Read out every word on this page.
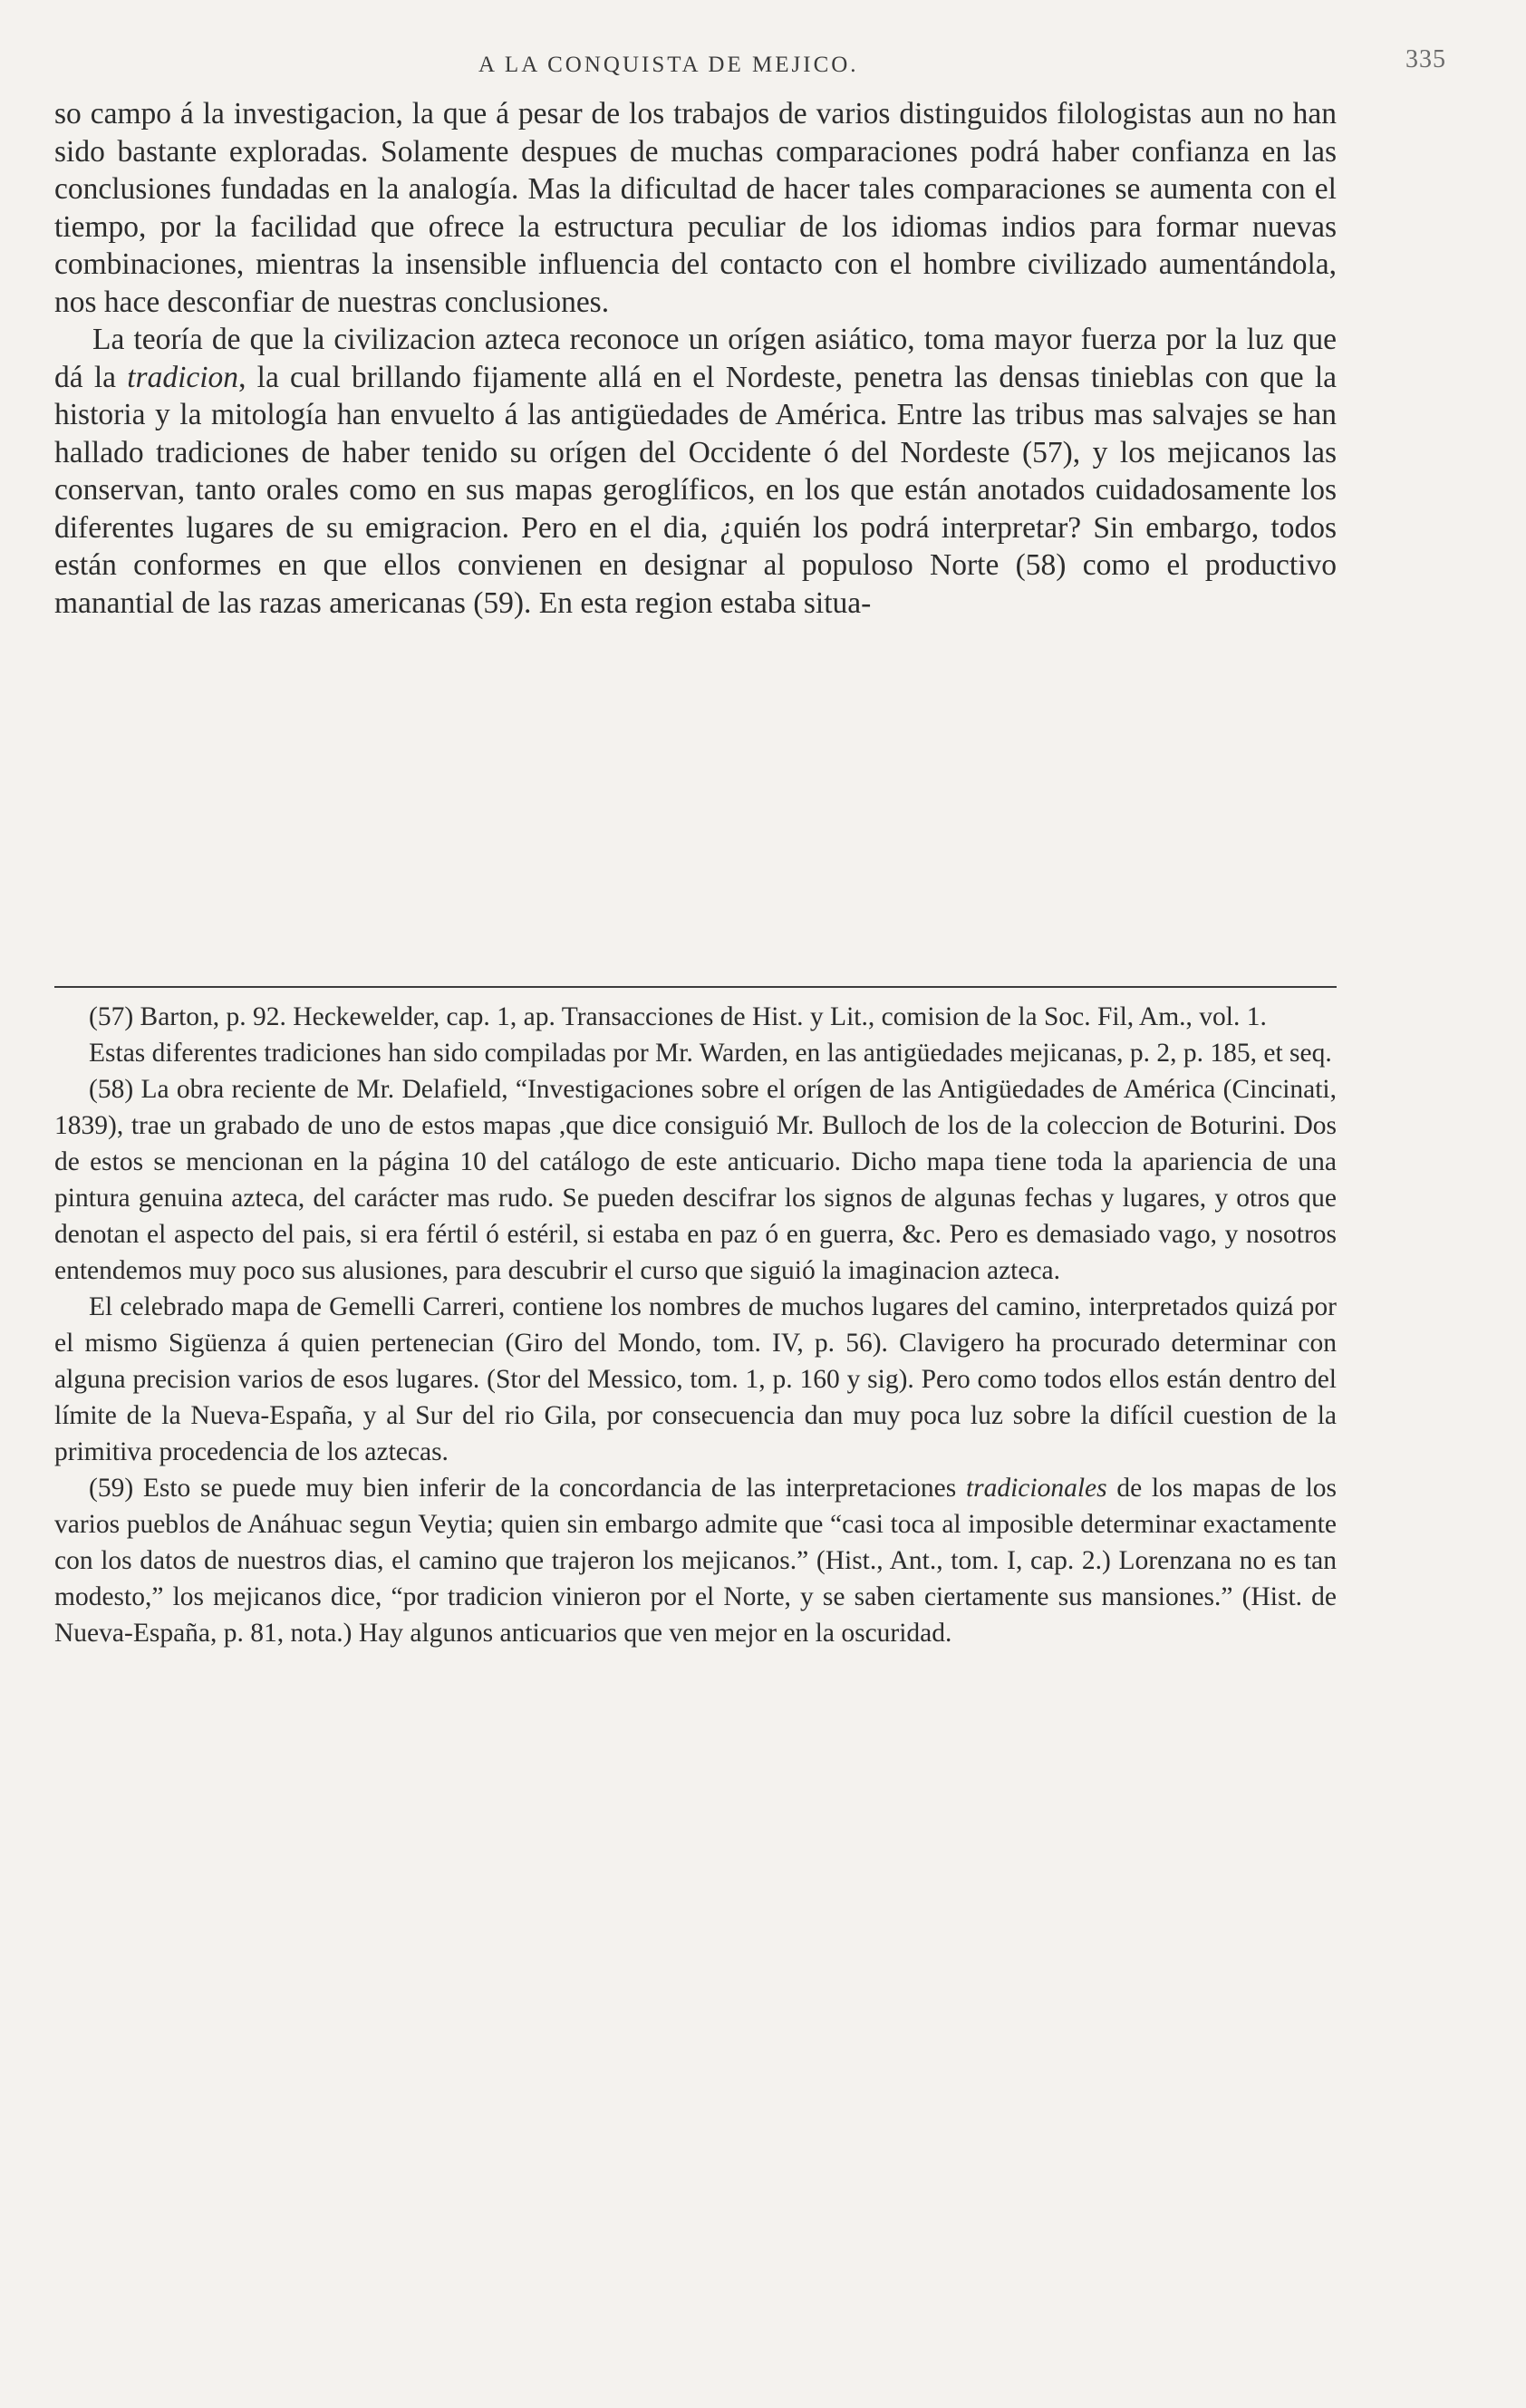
A LA CONQUISTA DE MEJICO.	335

so campo á la investigacion, la que á pesar de los trabajos de varios distinguidos filologistas aun no han sido bastante exploradas. Solamente despues de muchas comparaciones podrá haber confianza en las conclusiones fundadas en la analogía. Mas la dificultad de hacer tales comparaciones se aumenta con el tiempo, por la facilidad que ofrece la estructura peculiar de los idiomas indios para formar nuevas combinaciones, mientras la insensible influencia del contacto con el hombre civilizado aumentándola, nos hace desconfiar de nuestras conclusiones.

La teoría de que la civilizacion azteca reconoce un orígen asiático, toma mayor fuerza por la luz que dá la tradicion, la cual brillando fijamente allá en el Nordeste, penetra las densas tinieblas con que la historia y la mitología han envuelto á las antigüedades de América. Entre las tribus mas salvajes se han hallado tradiciones de haber tenido su orígen del Occidente ó del Nordeste (57), y los mejicanos las conservan, tanto orales como en sus mapas geroglíficos, en los que están anotados cuidadosamente los diferentes lugares de su emigracion. Pero en el dia, ¿quién los podrá interpretar? Sin embargo, todos están conformes en que ellos convienen en designar al populoso Norte (58) como el productivo manantial de las razas americanas (59). En esta region estaba situa-

(57) Barton, p. 92. Heckewelder, cap. 1, ap. Transacciones de Hist. y Lit., comision de la Soc. Fil, Am., vol. 1.

Estas diferentes tradiciones han sido compiladas por Mr. Warden, en las antigüedades mejicanas, p. 2, p. 185, et seq.

(58) La obra reciente de Mr. Delafield, “Investigaciones sobre el orígen de las Antigüedades de América (Cincinati, 1839), trae un grabado de uno de estos mapas ,que dice consiguió Mr. Bulloch de los de la coleccion de Boturini. Dos de estos se mencionan en la página 10 del catálogo de este anticuario. Dicho mapa tiene toda la apariencia de una pintura genuina azteca, del carácter mas rudo. Se pueden descifrar los signos de algunas fechas y lugares, y otros que denotan el aspecto del pais, si era fértil ó estéril, si estaba en paz ó en guerra, &c. Pero es demasiado vago, y nosotros entendemos muy poco sus alusiones, para descubrir el curso que siguió la imaginacion azteca.

El celebrado mapa de Gemelli Carreri, contiene los nombres de muchos lugares del camino, interpretados quizá por el mismo Sigüenza á quien pertenecian (Giro del Mondo, tom. IV, p. 56). Clavigero ha procurado determinar con alguna precision varios de esos lugares. (Stor del Messico, tom. 1, p. 160 y sig). Pero como todos ellos están dentro del límite de la Nueva-España, y al Sur del rio Gila, por consecuencia dan muy poca luz sobre la difícil cuestion de la primitiva procedencia de los aztecas.

(59) Esto se puede muy bien inferir de la concordancia de las interpretaciones tradicionales de los mapas de los varios pueblos de Anáhuac segun Veytia; quien sin embargo admite que “casi toca al imposible determinar exactamente con los datos de nuestros dias, el camino que trajeron los mejicanos.” (Hist., Ant., tom. I, cap. 2.) Lorenzana no es tan modesto,” los mejicanos dice, “por tradicion vinieron por el Norte, y se saben ciertamente sus mansiones.” (Hist. de Nueva-España, p. 81, nota.) Hay algunos anticuarios que ven mejor en la oscuridad.
